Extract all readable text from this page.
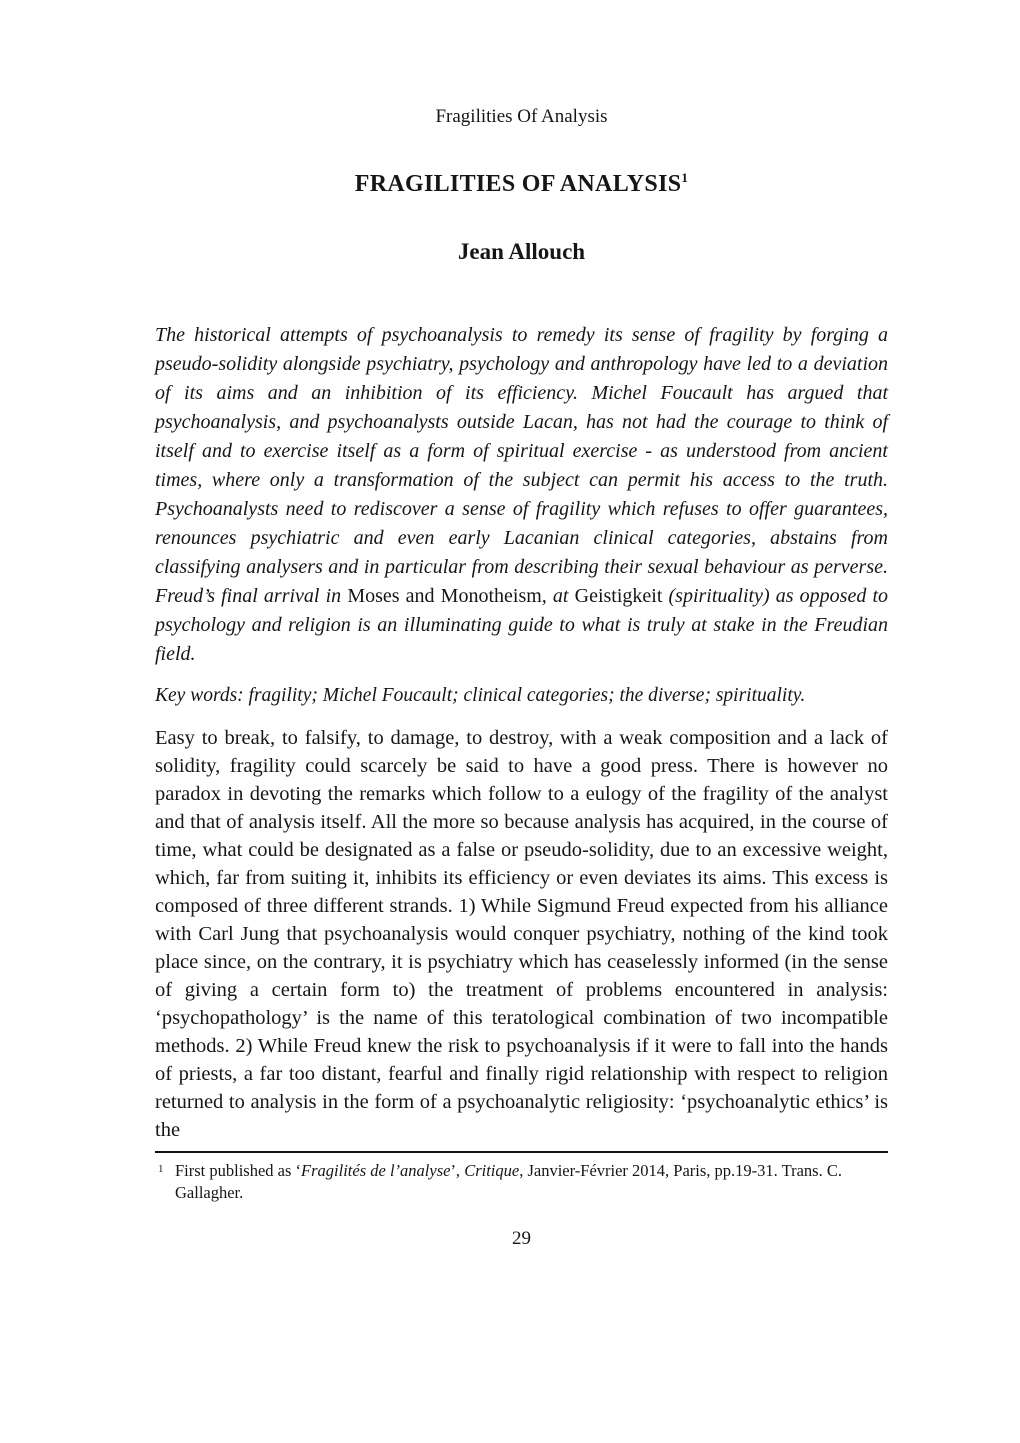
Fragilities Of Analysis
FRAGILITIES OF ANALYSIS$^1$
Jean Allouch

The historical attempts of psychoanalysis to remedy its sense of fragility by forging a pseudo-solidity alongside psychiatry, psychology and anthropology have led to a deviation of its aims and an inhibition of its efficiency. Michel Foucault has argued that psychoanalysis, and psychoanalysts outside Lacan, has not had the courage to think of itself and to exercise itself as a form of spiritual exercise - as understood from ancient times, where only a transformation of the subject can permit his access to the truth. Psychoanalysts need to rediscover a sense of fragility which refuses to offer guarantees, renounces psychiatric and even early Lacanian clinical categories, abstains from classifying analysers and in particular from describing their sexual behaviour as perverse. Freud’s final arrival in Moses and Monotheism, at Geistigkeit (spirituality) as opposed to psychology and religion is an illuminating guide to what is truly at stake in the Freudian field.

Key words: fragility; Michel Foucault; clinical categories; the diverse; spirituality.

Easy to break, to falsify, to damage, to destroy, with a weak composition and a lack of solidity, fragility could scarcely be said to have a good press. There is however no paradox in devoting the remarks which follow to a eulogy of the fragility of the analyst and that of analysis itself. All the more so because analysis has acquired, in the course of time, what could be designated as a false or pseudo-solidity, due to an excessive weight, which, far from suiting it, inhibits its efficiency or even deviates its aims. This excess is composed of three different strands. 1) While Sigmund Freud expected from his alliance with Carl Jung that psychoanalysis would conquer psychiatry, nothing of the kind took place since, on the contrary, it is psychiatry which has ceaselessly informed (in the sense of giving a certain form to) the treatment of problems encountered in analysis: ‘psychopathology’ is the name of this teratological combination of two incompatible methods. 2) While Freud knew the risk to psychoanalysis if it were to fall into the hands of priests, a far too distant, fearful and finally rigid relationship with respect to religion returned to analysis in the form of a psychoanalytic religiosity: ‘psychoanalytic ethics’ is the

1 First published as ‘Fragilités de l’analyse’, Critique, Janvier-Février 2014, Paris, pp.19-31. Trans. C. Gallagher.

29
